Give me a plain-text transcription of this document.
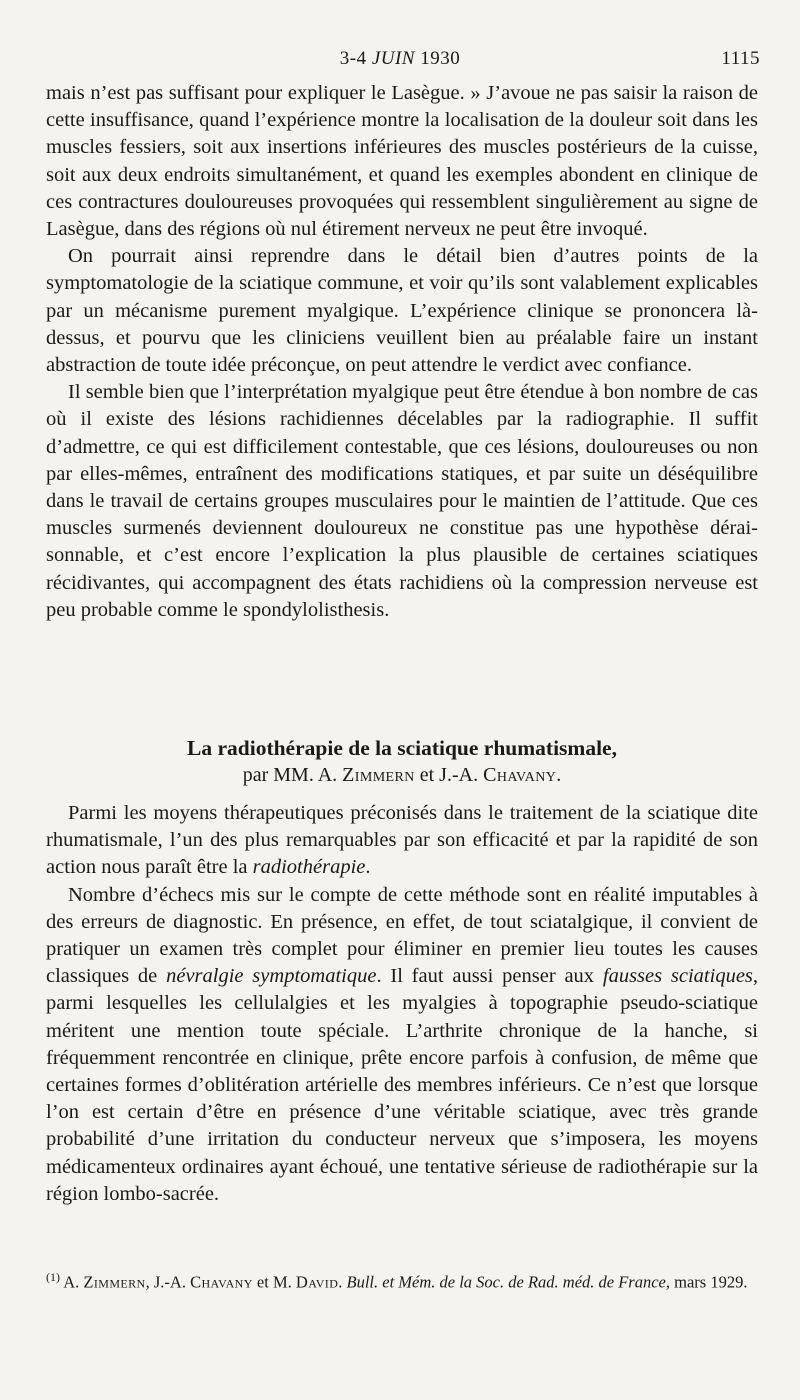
3-4 JUIN 1930	1115

mais n’est pas suffisant pour expliquer le Lasègue. » J’avoue ne pas saisir la raison de cette insuffisance, quand l’expérience montre la localisation de la douleur soit dans les muscles fessiers, soit aux insertions inférieures des muscles postérieurs de la cuisse, soit aux deux endroits simultanément, et quand les exemples abondent en clinique de ces contractures douloureuses provoquées qui ressemblent singulièrement au signe de Lasègue, dans des régions où nul étirement nerveux ne peut être invoqué.

On pourrait ainsi reprendre dans le détail bien d’autres points de la symptomatologie de la sciatique commune, et voir qu’ils sont valablement explicables par un mécanisme purement myalgique. L’expérience clinique se prononcera là-dessus, et pourvu que les cliniciens veuillent bien au préalable faire un instant abstraction de toute idée préconçue, on peut attendre le verdict avec confiance.

Il semble bien que l’interprétation myalgique peut être étendue à bon nombre de cas où il existe des lésions rachidiennes décelables par la radiographie. Il suffit d’admettre, ce qui est difficilement contestable, que ces lésions, douloureuses ou non par elles-mêmes, entraînent des modifications statiques, et par suite un déséquilibre dans le travail de certains groupes musculaires pour le maintien de l’attitude. Que ces muscles surmenés deviennent douloureux ne constitue pas une hypothèse déraisonnable, et c’est encore l’explication la plus plausible de certaines sciatiques récidivantes, qui accompagnent des états rachidiens où la compression nerveuse est peu probable comme le spondylolisthesis.

La radiothérapie de la sciatique rhumatismale,
par MM. A. Zimmern et J.-A. Chavany.

Parmi les moyens thérapeutiques préconisés dans le traitement de la sciatique dite rhumatismale, l’un des plus remarquables par son efficacité et par la rapidité de son action nous paraît être la radiothérapie.

Nombre d’échecs mis sur le compte de cette méthode sont en réalité imputables à des erreurs de diagnostic. En présence, en effet, de tout sciatalgique, il convient de pratiquer un examen très complet pour éliminer en premier lieu toutes les causes classiques de névralgie symptomatique. Il faut aussi penser aux fausses sciatiques, parmi lesquelles les cellulalgies et les myalgies à topographie pseudo-sciatique méritent une mention toute spéciale. L’arthrite chronique de la hanche, si fréquemment rencontrée en clinique, prête encore parfois à confusion, de même que certaines formes d’oblitération artérielle des membres inférieurs. Ce n’est que lorsque l’on est certain d’être en présence d’une véritable sciatique, avec très grande probabilité d’une irritation du conducteur nerveux que s’imposera, les moyens médicamenteux ordinaires ayant échoué, une tentative sérieuse de radiothérapie sur la région lombo-sacrée.

$^{(1)}$ A. Zimmern, J.-A. Chavany et M. David. Bull. et Mém. de la Soc. de Rad. méd. de France, mars 1929.
